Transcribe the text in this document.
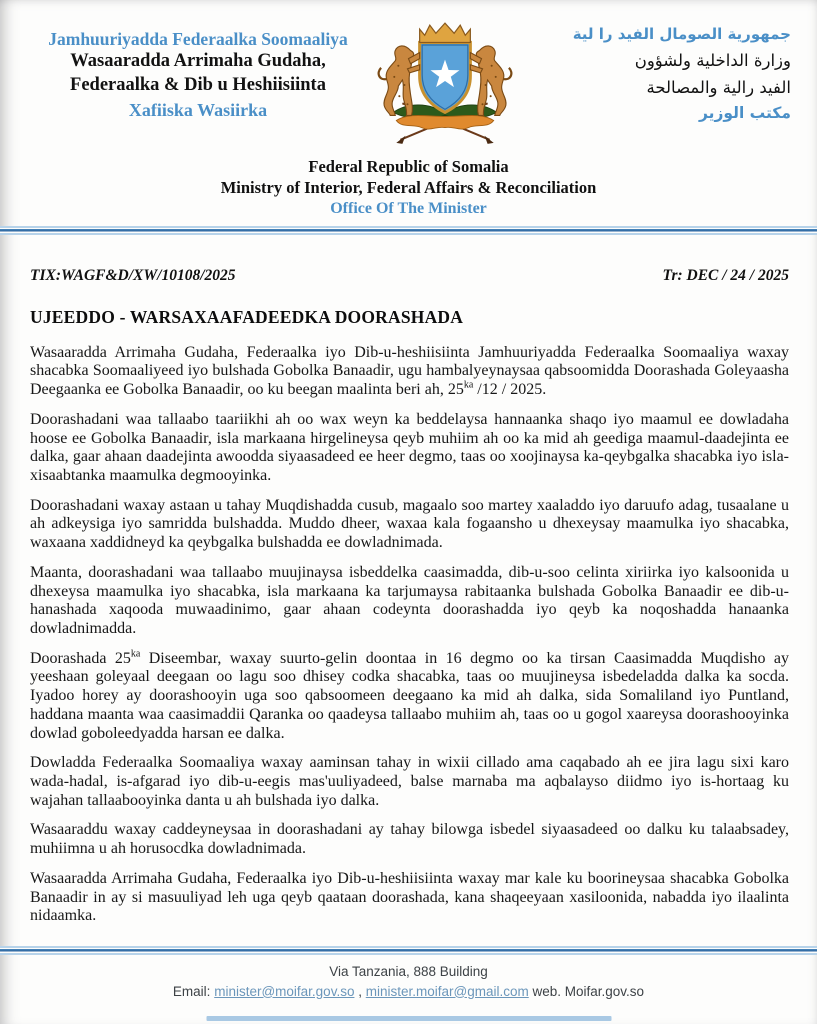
Jamhuuriyadda Federaalka Soomaaliya
Wasaaradda Arrimaha Gudaha,
Federaalka & Dib u Heshiisiinta
Xafiiska Wasiirka
جمهورية الصومال الفيد را لية
وزارة الداخلية ولشؤون
الفيد رالية والمصالحة
مكتب الوزير
Federal Republic of Somalia
Ministry of Interior, Federal Affairs & Reconciliation
Office Of The Minister
TIX:WAGF&D/XW/10108/2025	Tr: DEC / 24 / 2025
UJEEDDO - WARSAXAAFADEEDKA DOORASHADA

Wasaaradda Arrimaha Gudaha, Federaalka iyo Dib-u-heshiisiinta Jamhuuriyadda Federaalka Soomaaliya waxay shacabka Soomaaliyeed iyo bulshada Gobolka Banaadir, ugu hambalyeynaysaa qabsoomidda Doorashada Goleyaasha Deegaanka ee Gobolka Banaadir, oo ku beegan maalinta beri ah, $25^{ka}$ /12 / 2025.

Doorashadani waa tallaabo taariikhi ah oo wax weyn ka beddelaysa hannaanka shaqo iyo maamul ee dowladaha hoose ee Gobolka Banaadir, isla markaana hirgelineysa qeyb muhiim ah oo ka mid ah geediga maamul-daadejinta ee dalka, gaar ahaan daadejinta awoodda siyaasadeed ee heer degmo, taas oo xoojinaysa ka-qeybgalka shacabka iyo isla-xisaabtanka maamulka degmooyinka.

Doorashadani waxay astaan u tahay Muqdishadda cusub, magaalo soo martey xaaladdo iyo daruufo adag, tusaalane u ah adkeysiga iyo samridda bulshadda. Muddo dheer, waxaa kala fogaansho u dhexeysay maamulka iyo shacabka, waxaana xaddidneyd ka qeybgalka bulshadda ee dowladnimada.

Maanta, doorashadani waa tallaabo muujinaysa isbeddelka caasimadda, dib-u-soo celinta xiriirka iyo kalsoonida u dhexeysa maamulka iyo shacabka, isla markaana ka tarjumaysa rabitaanka bulshada Gobolka Banaadir ee dib-u-hanashada xaqooda muwaadinimo, gaar ahaan codeynta doorashadda iyo qeyb ka noqoshadda hanaanka dowladnimadda.

Doorashada $25^{ka}$ Diseembar, waxay suurto-gelin doontaa in 16 degmo oo ka tirsan Caasimadda Muqdisho ay yeeshaan goleyaal deegaan oo lagu soo dhisey codka shacabka, taas oo muujineysa isbedeladda dalka ka socda. Iyadoo horey ay doorashooyin uga soo qabsoomeen deegaano ka mid ah dalka, sida Somaliland iyo Puntland, haddana maanta waa caasimaddii Qaranka oo qaadeysa tallaabo muhiim ah, taas oo u gogol xaareysa doorashooyinka dowlad goboleedyadda harsan ee dalka.

Dowladda Federaalka Soomaaliya waxay aaminsan tahay in wixii cillado ama caqabado ah ee jira lagu sixi karo wada-hadal, is-afgarad iyo dib-u-eegis mas'uuliyadeed, balse marnaba ma aqbalayso diidmo iyo is-hortaag ku wajahan tallaabooyinka danta u ah bulshada iyo dalka.

Wasaaraddu waxay caddeyneysaa in doorashadani ay tahay bilowga isbedel siyaasadeed oo dalku ku talaabsadey, muhiimna u ah horusocdka dowladnimada.

Wasaaradda Arrimaha Gudaha, Federaalka iyo Dib-u-heshiisiinta waxay mar kale ku boorineysaa shacabka Gobolka Banaadir in ay si masuuliyad leh uga qeyb qaataan doorashada, kana shaqeeyaan xasiloonida, nabadda iyo ilaalinta nidaamka.

Via Tanzania, 888 Building
Email: minister@moifar.gov.so , minister.moifar@gmail.com web. Moifar.gov.so
